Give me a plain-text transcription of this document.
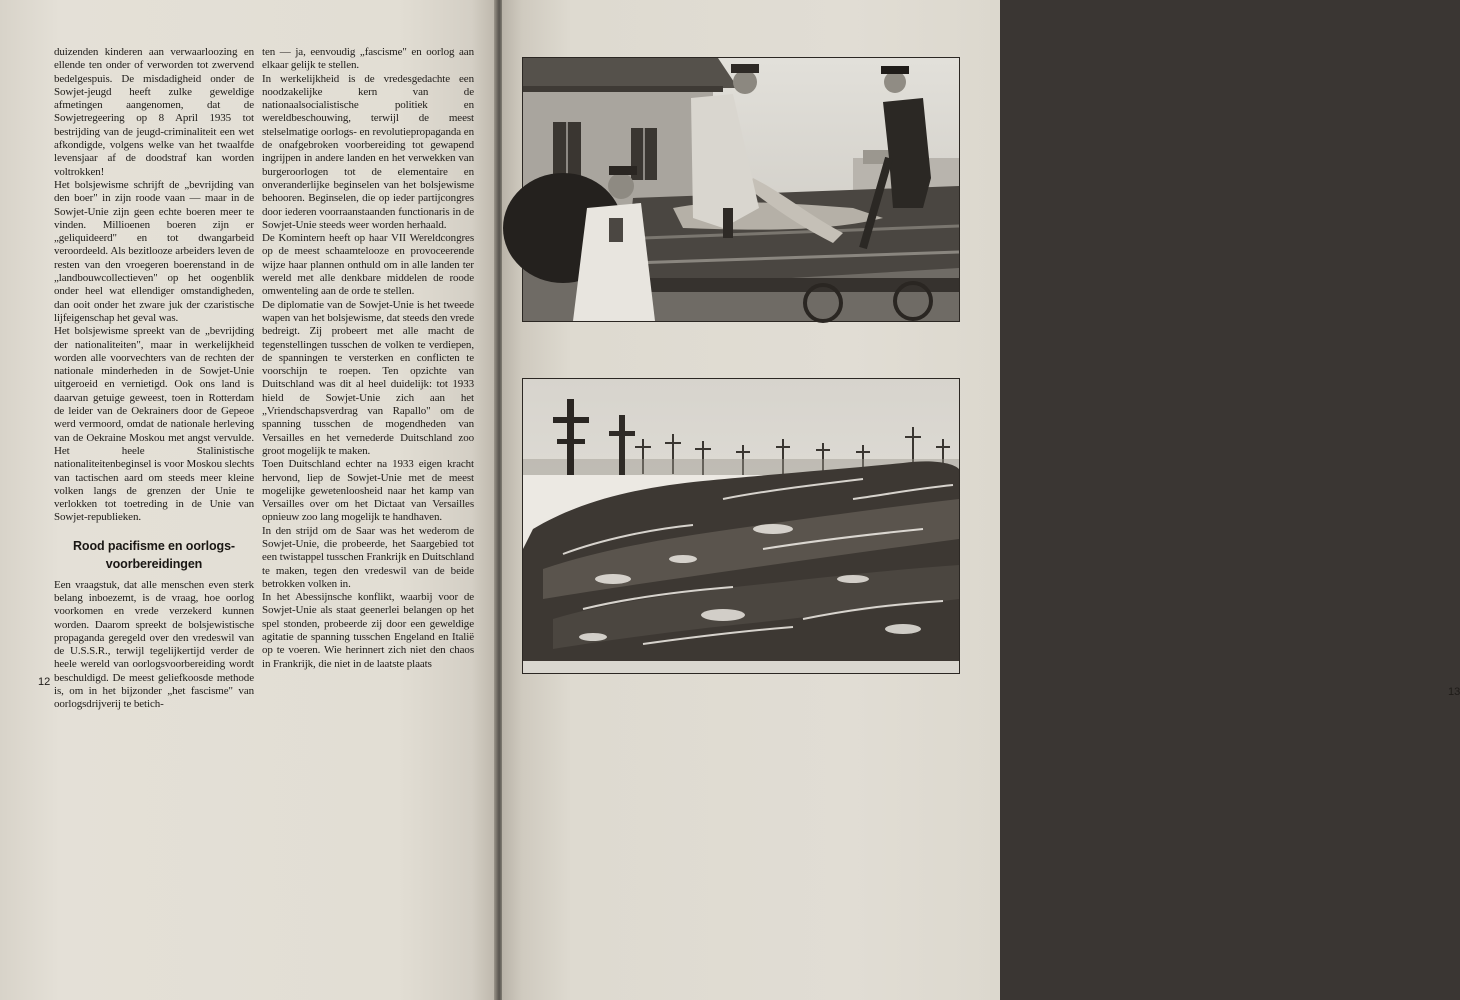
duizenden kinderen aan verwaarloozing en ellende ten onder of verworden tot zwervend bedelgespuis. De misdadigheid onder de Sowjet-jeugd heeft zulke geweldige afmetingen aangenomen, dat de Sowjetregeering op 8 April 1935 tot bestrijding van de jeugd-criminaliteit een wet afkondigde, volgens welke van het twaalfde levensjaar af de doodstraf kan worden voltrokken!

Het bolsjewisme schrijft de „bevrijding van den boer" in zijn roode vaan — maar in de Sowjet-Unie zijn geen echte boeren meer te vinden. Millioenen boeren zijn er „geliquideerd" en tot dwangarbeid veroordeeld. Als bezitlooze arbeiders leven de resten van den vroegeren boerenstand in de „landbouwcollectieven" op het oogenblik onder heel wat ellendiger omstandigheden, dan ooit onder het zware juk der czaristische lijfeigenschap het geval was.

Het bolsjewisme spreekt van de „bevrijding der nationaliteiten", maar in werkelijkheid worden alle voorvechters van de rechten der nationale minderheden in de Sowjet-Unie uitgeroeid en vernietigd. Ook ons land is daarvan getuige geweest, toen in Rotterdam de leider van de Oekrainers door de Gepeoe werd vermoord, omdat de nationale herleving van de Oekraine Moskou met angst vervulde. Het heele Stalinistische nationaliteitenbeginsel is voor Moskou slechts van tactischen aard om steeds meer kleine volken langs de grenzen der Unie te verlokken tot toetreding in de Unie van Sowjet-republieken.

Rood pacifisme en oorlogs-voorbereidingen

Een vraagstuk, dat alle menschen even sterk belang inboezemt, is de vraag, hoe oorlog voorkomen en vrede verzekerd kunnen worden. Daarom spreekt de bolsjewistische propaganda geregeld over den vredeswil van de U.S.S.R., terwijl tegelijkertijd verder de heele wereld van oorlogsvoorbereiding wordt beschuldigd. De meest geliefkoosde methode is, om in het bijzonder „het fascisme" van oorlogsdrijverij te betich-

ten — ja, eenvoudig „fascisme" en oorlog aan elkaar gelijk te stellen.

In werkelijkheid is de vredesgedachte een noodzakelijke kern van de nationaalsocialistische politiek en wereldbeschouwing, terwijl de meest stelselmatige oorlogs- en revolutiepropaganda en de onafgebroken voorbereiding tot gewapend ingrijpen in andere landen en het verwekken van burgeroorlogen tot de elementaire en onveranderlijke beginselen van het bolsjewisme behooren. Beginselen, die op ieder partijcongres door iederen voorraanstaanden functionaris in de Sowjet-Unie steeds weer worden herhaald.

De Komintern heeft op haar VII Wereldcongres op de meest schaamteloozе en provoceerende wijze haar plannen onthuld om in alle landen ter wereld met alle denkbare middelen de roode omwenteling aan de orde te stellen.

De diplomatie van de Sowjet-Unie is het tweede wapen van het bolsjewisme, dat steeds den vrede bedreigt. Zij probeert met alle macht de tegenstellingen tusschen de volken te verdiepen, de spanningen te versterken en conflicten te voorschijn te roepen. Ten opzichte van Duitschland was dit al heel duidelijk: tot 1933 hield de Sowjet-Unie zich aan het „Vriendschapsverdrag van Rapallo" om de spanning tusschen de mogendheden van Versailles en het vernederde Duitschland zoo groot mogelijk te maken.

Toen Duitschland echter na 1933 eigen kracht hervond, liep de Sowjet-Unie met de meest mogelijke gewetenloosheid naar het kamp van Versailles over om het Dictaat van Versailles opnieuw zoo lang mogelijk te handhaven.

In den strijd om de Saar was het wederom de Sowjet-Unie, die probeerde, het Saargebied tot een twistappel tusschen Frankrijk en Duitschland te maken, tegen den vredeswil van de beide betrokken volken in.

In het Abessijnsche konflikt, waarbij voor de Sowjet-Unie als staat geenerlei belangen op het spel stonden, probeerde zij door een geweldige agitatie de spanning tusschen Engeland en Italië op te voeren. Wie herinnert zich niet den chaos in Frankrijk, die niet in de laatste plaats

12
13
